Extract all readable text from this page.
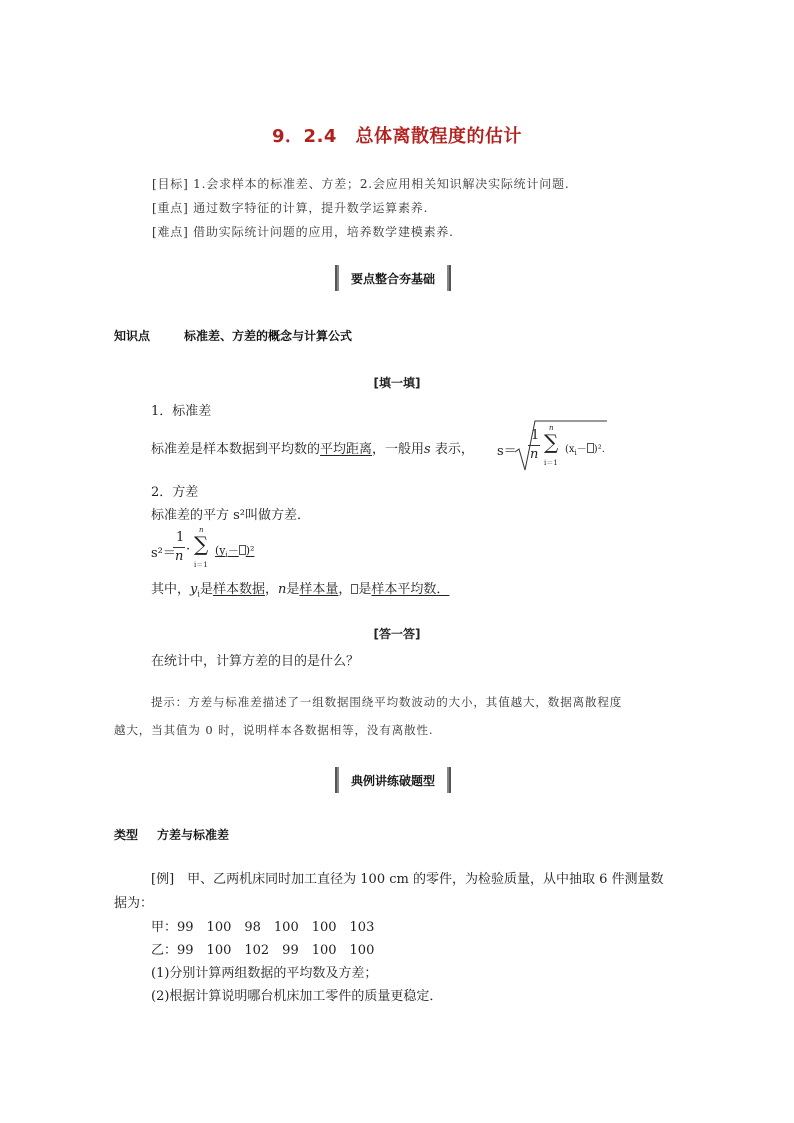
9．2.4　总体离散程度的估计
[目标] 1.会求样本的标准差、方差；2.会应用相关知识解决实际统计问题.
[重点] 通过数字特征的计算，提升数学运算素养.
[难点] 借助实际统计问题的应用，培养数学建模素养.
要点整合夯基础
知识点	标准差、方差的概念与计算公式
[填一填]
1．标准差
标准差是样本数据到平均数的平均距离，一般用s 表示， s＝
1
n
n
∑
i＝1
$(x_i- )^2$.
2．方差
标准差的平方 s²叫做方差．
s²＝
1
n ·
n
∑
i＝1
$(y_i- )^2$
其中，$y_i$是样本数据，n是样本量， 是样本平均数．
[答一答]
在统计中，计算方差的目的是什么？
提示：方差与标准差描述了一组数据围绕平均数波动的大小，其值越大，数据离散程度
越大，当其值为 0 时，说明样本各数据相等，没有离散性.
典例讲练破题型
类型 方差与标准差
[例]　甲、乙两机床同时加工直径为 100 cm 的零件，为检验质量，从中抽取 6 件测量数
据为：
甲：99　100　98　100　100　103
乙：99　100　102　99　100　100
(1)分别计算两组数据的平均数及方差；
(2)根据计算说明哪台机床加工零件的质量更稳定．
